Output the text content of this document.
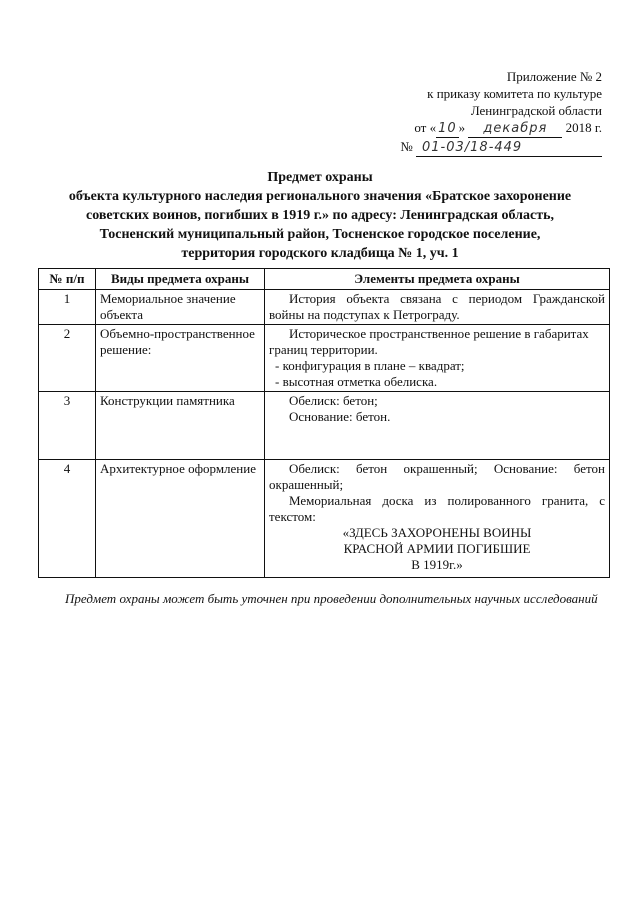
Приложение № 2
к приказу комитета по культуре
Ленинградской области
от « 10 » декабря 2018 г.
№ 01-03/18-449
Предмет охраны
объекта культурного наследия регионального значения «Братское захоронение
советских воинов, погибших в 1919 г.» по адресу: Ленинградская область,
Тосненский муниципальный район, Тосненское городское поселение,
территория городского кладбища № 1, уч. 1
№ п/п	Виды предмета охраны	Элементы предмета охраны
1	Мемориальное значение объекта	История объекта связана с периодом Гражданской войны на подступах к Петрограду.
2	Объемно-пространственное решение:	Историческое пространственное решение в габаритах границ территории.
- конфигурация в плане – квадрат;
- высотная отметка обелиска.

3	Конструкции памятника	Обелиск: бетон;
Основание: бетон.

4	Архитектурное оформление	Обелиск: бетон окрашенный; Основание: бетон окрашенный;
Мемориальная доска из полированного гранита, с текстом:
«ЗДЕСЬ ЗАХОРОНЕНЫ ВОИНЫ
КРАСНОЙ АРМИИ ПОГИБШИЕ
В 1919г.»
Предмет охраны может быть уточнен при проведении дополнительных научных исследований
